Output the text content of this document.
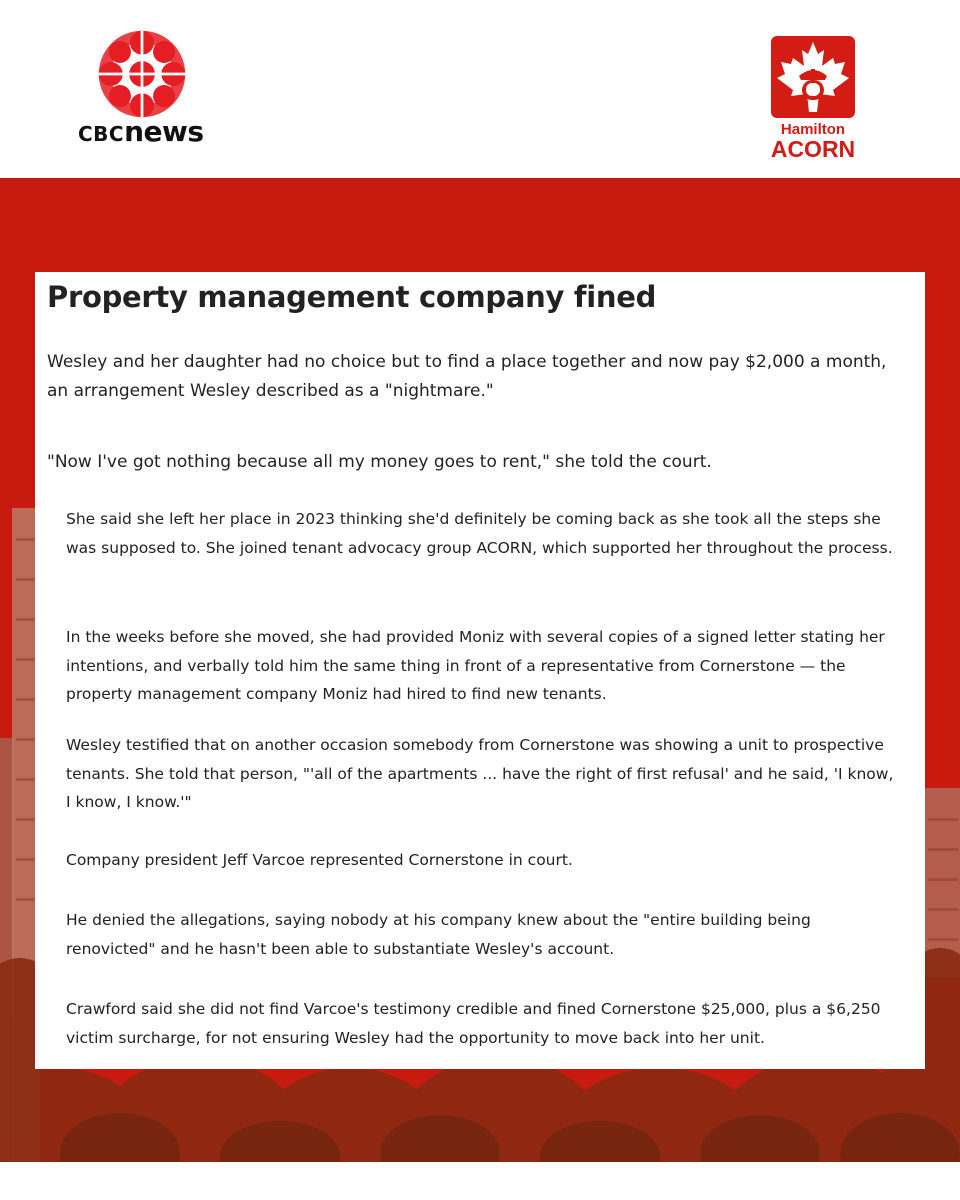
CBCnews	Hamilton
ACORN
Property management company fined

Wesley and her daughter had no choice but to find a place together and now pay $2,000 a month, an arrangement Wesley described as a "nightmare."

"Now I've got nothing because all my money goes to rent," she told the court.

She said she left her place in 2023 thinking she'd definitely be coming back as she took all the steps she was supposed to. She joined tenant advocacy group ACORN, which supported her throughout the process.

In the weeks before she moved, she had provided Moniz with several copies of a signed letter stating her intentions, and verbally told him the same thing in front of a representative from Cornerstone — the property management company Moniz had hired to find new tenants.

Wesley testified that on another occasion somebody from Cornerstone was showing a unit to prospective tenants. She told that person, "'all of the apartments ... have the right of first refusal' and he said, 'I know, I know, I know.'"

Company president Jeff Varcoe represented Cornerstone in court.

He denied the allegations, saying nobody at his company knew about the "entire building being renovicted" and he hasn't been able to substantiate Wesley's account.

Crawford said she did not find Varcoe's testimony credible and fined Cornerstone $25,000, plus a $6,250 victim surcharge, for not ensuring Wesley had the opportunity to move back into her unit.
